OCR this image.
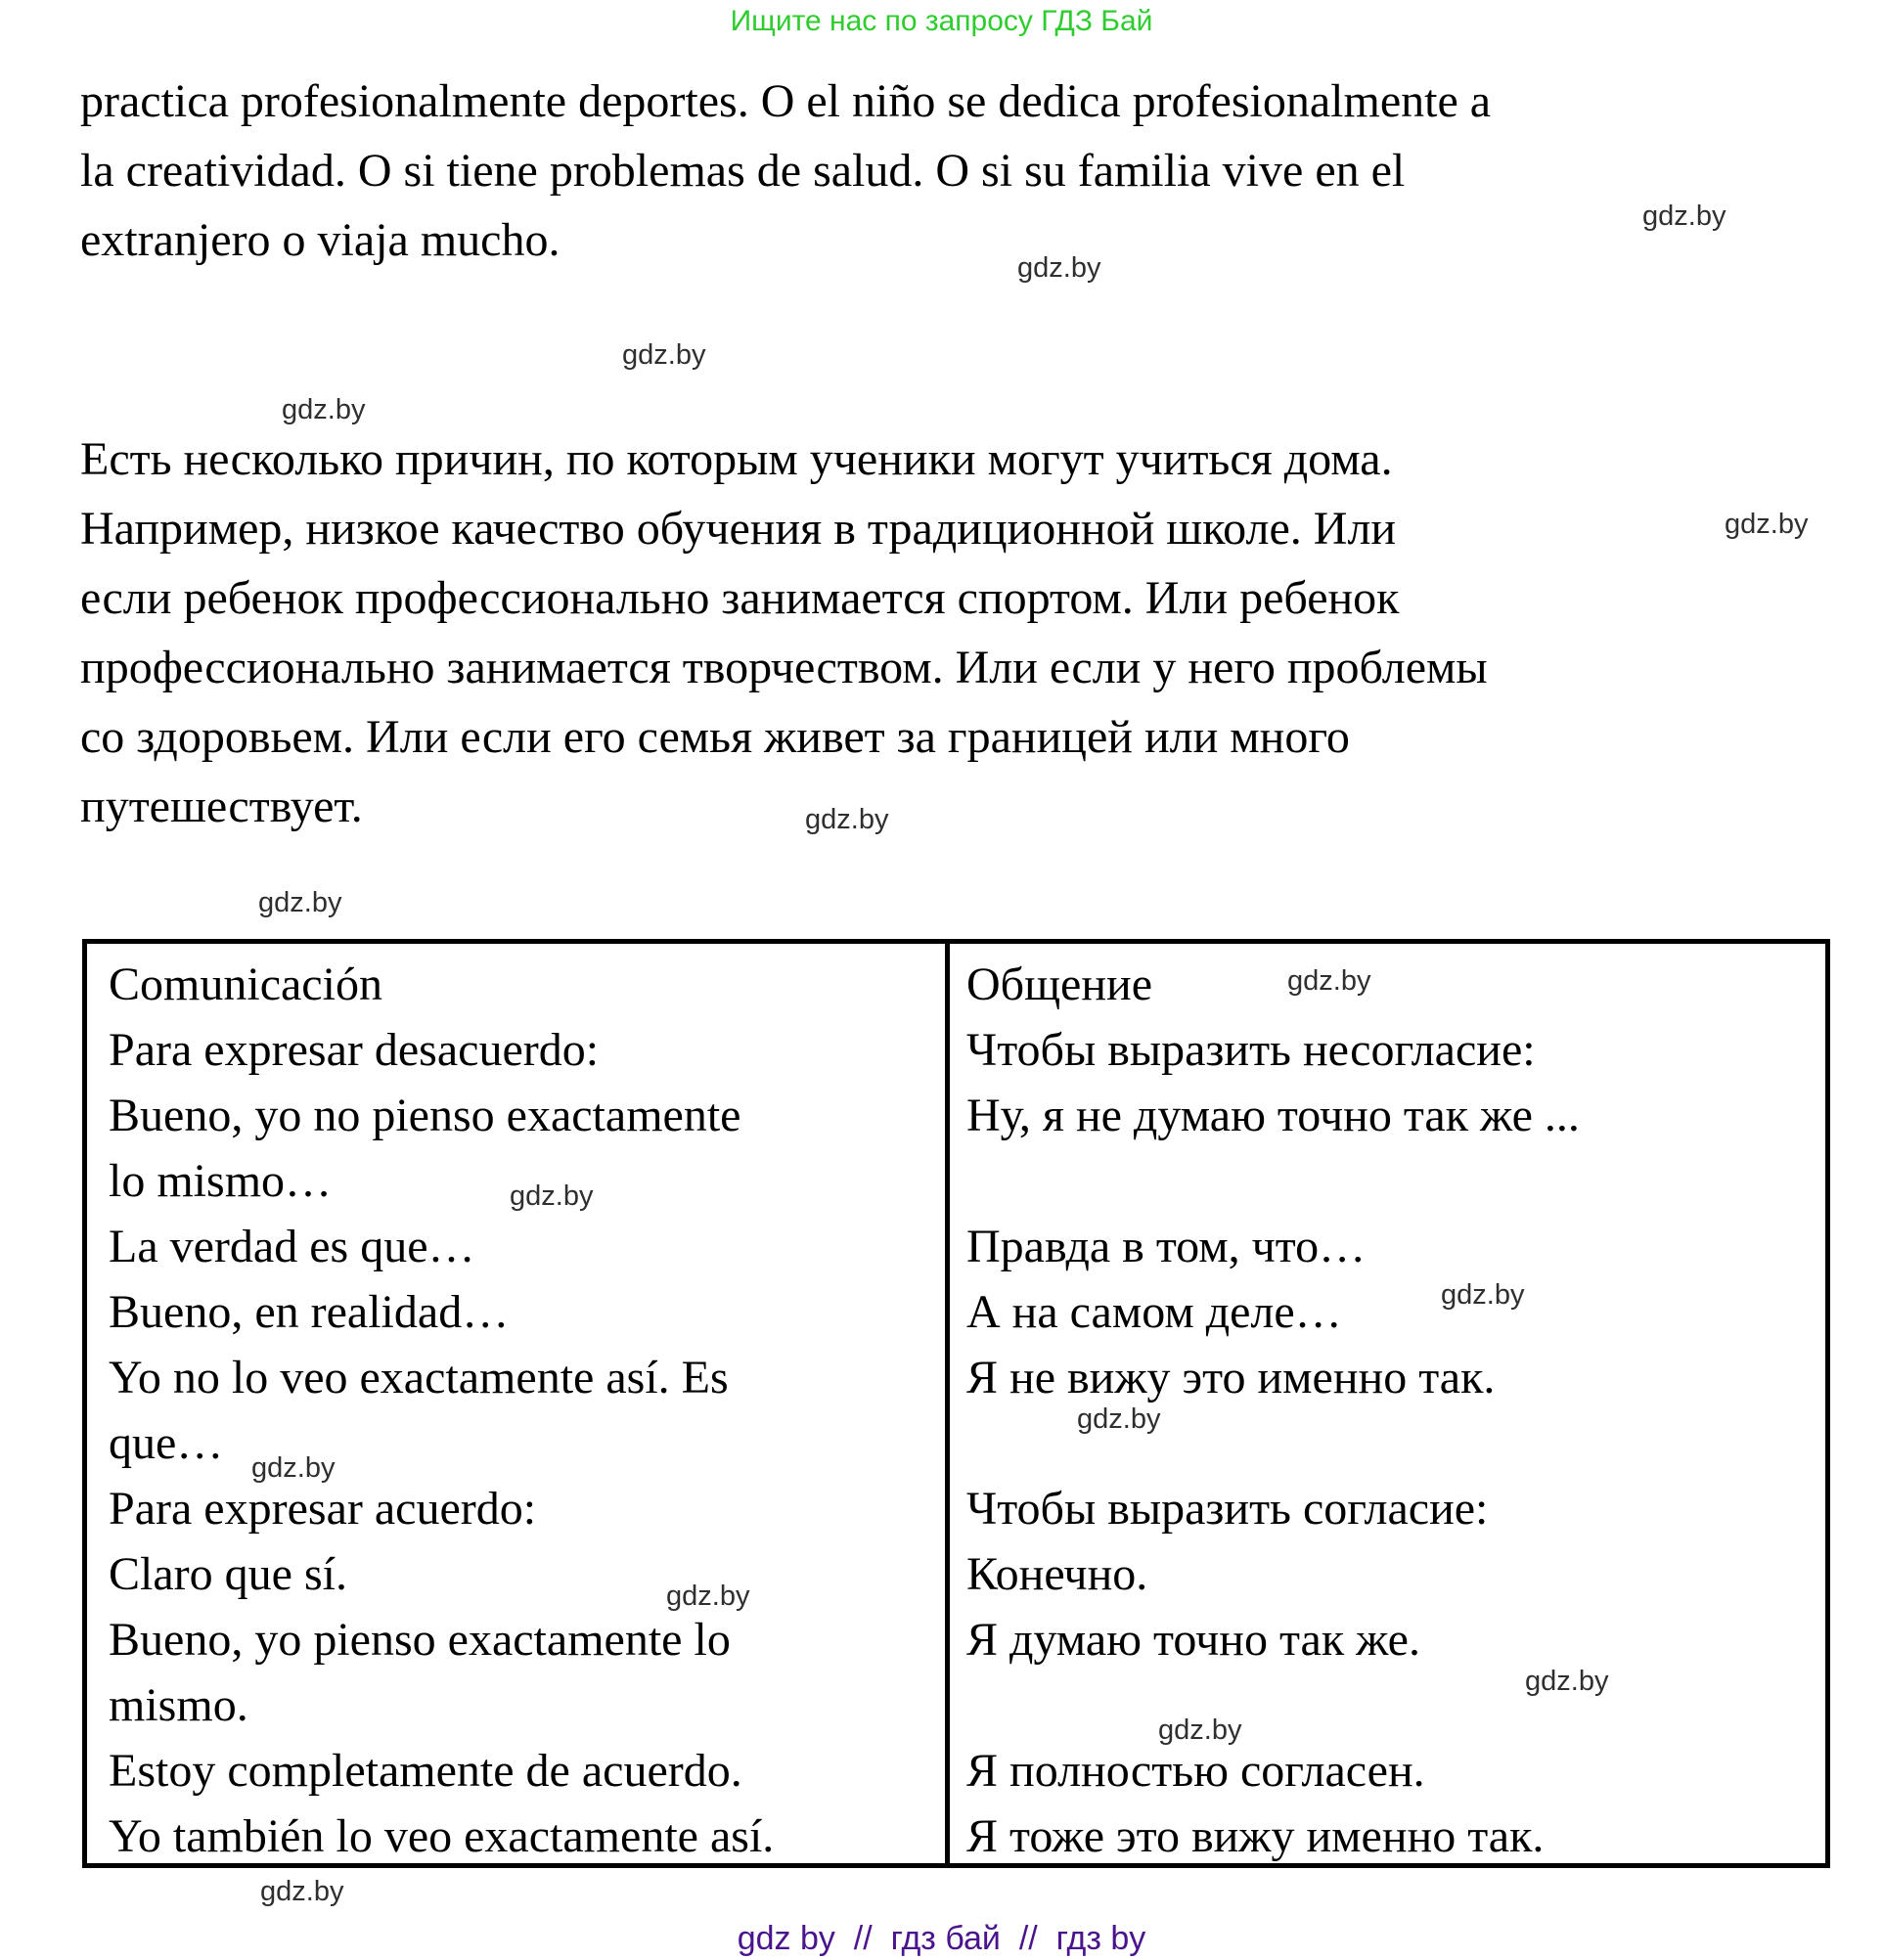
Ищите нас по запросу ГДЗ Бай
practica profesionalmente deportes. O el niño se dedica profesionalmente a
la creatividad. O si tiene problemas de salud. O si su familia vive en el
extranjero o viaja mucho.
Есть несколько причин, по которым ученики могут учиться дома.
Например, низкое качество обучения в традиционной школе. Или
если ребенок профессионально занимается спортом. Или ребенок
профессионально занимается творчеством. Или если у него проблемы
со здоровьем. Или если его семья живет за границей или много
путешествует.
Comunicación
Para expresar desacuerdo:
Bueno, yo no pienso exactamente
lo mismo…
La verdad es que…
Bueno, en realidad…
Yo no lo veo exactamente así. Es
que…
Para expresar acuerdo:
Claro que sí.
Bueno, yo pienso exactamente lo
mismo.
Estoy completamente de acuerdo.
Yo también lo veo exactamente así.
Общение
Чтобы выразить несогласие:
Ну, я не думаю точно так же ...
Правда в том, что…
А на самом деле…
Я не вижу это именно так.
Чтобы выразить согласие:
Конечно.
Я думаю точно так же.
Я полностью согласен.
Я тоже это вижу именно так.
gdz.by
gdz.by
gdz.by
gdz.by
gdz.by
gdz.by
gdz.by
gdz.by
gdz.by
gdz.by
gdz.by
gdz.by
gdz.by
gdz.by
gdz.by
gdz.by
gdz by  //  гдз бай  //  гдз by
